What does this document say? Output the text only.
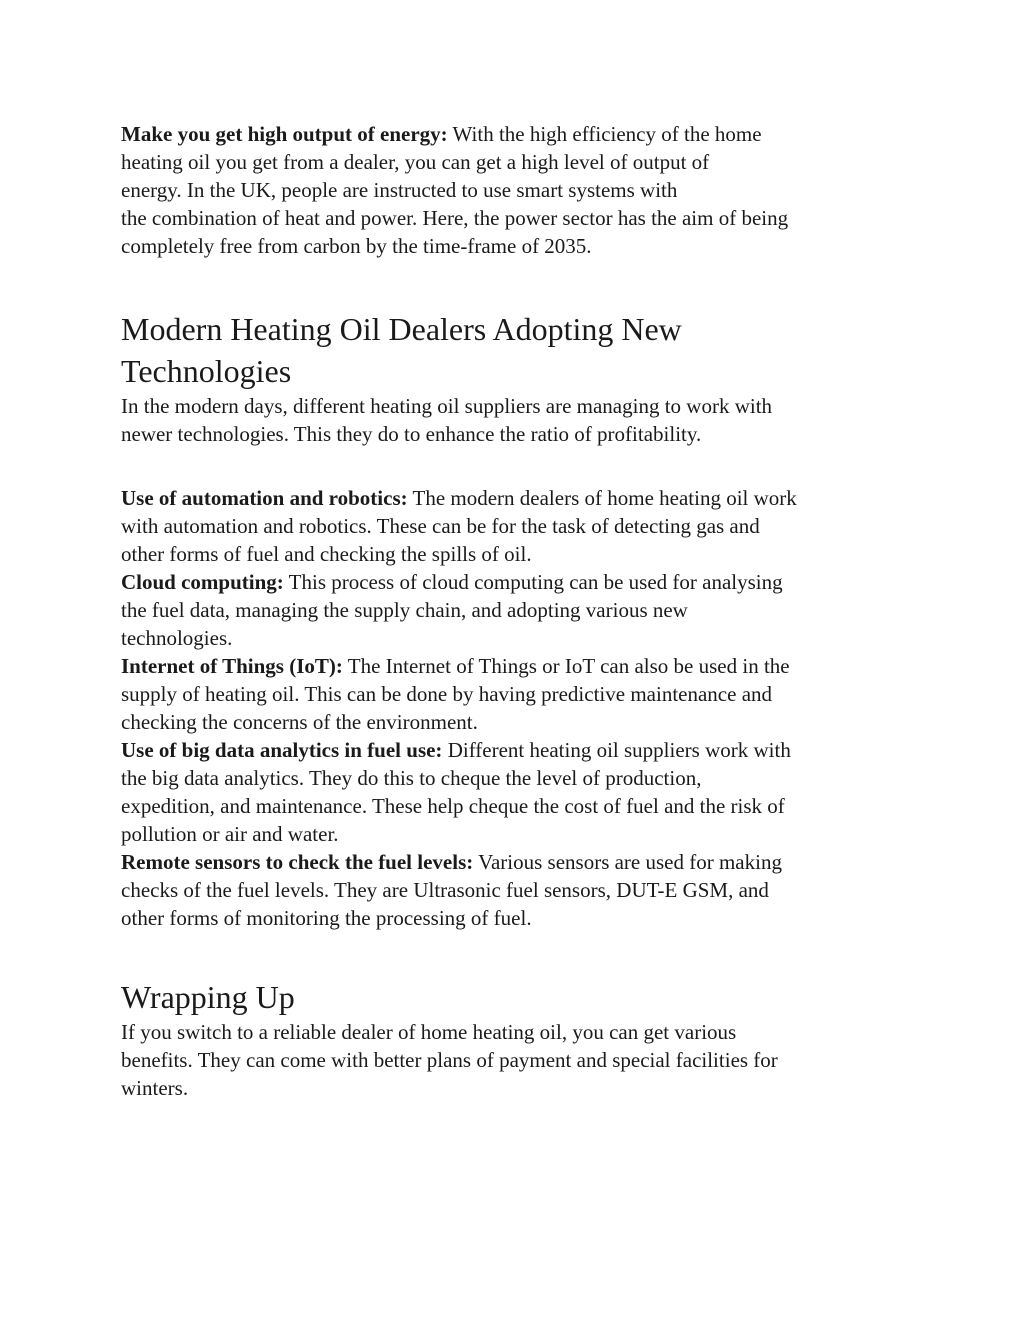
Make you get high output of energy: With the high efficiency of the home
heating oil you get from a dealer, you can get a high level of output of
energy. In the UK, people are instructed to use smart systems with
the combination of heat and power. Here, the power sector has the aim of being
completely free from carbon by the time-frame of 2035.

Modern Heating Oil Dealers Adopting New
Technologies

In the modern days, different heating oil suppliers are managing to work with
newer technologies. This they do to enhance the ratio of profitability.

Use of automation and robotics: The modern dealers of home heating oil work
with automation and robotics. These can be for the task of detecting gas and
other forms of fuel and checking the spills of oil.

Cloud computing: This process of cloud computing can be used for analysing
the fuel data, managing the supply chain, and adopting various new
technologies.

Internet of Things (IoT): The Internet of Things or IoT can also be used in the
supply of heating oil. This can be done by having predictive maintenance and
checking the concerns of the environment.

Use of big data analytics in fuel use: Different heating oil suppliers work with
the big data analytics. They do this to cheque the level of production,
expedition, and maintenance. These help cheque the cost of fuel and the risk of
pollution or air and water.

Remote sensors to check the fuel levels: Various sensors are used for making
checks of the fuel levels. They are Ultrasonic fuel sensors, DUT-E GSM, and
other forms of monitoring the processing of fuel.

Wrapping Up

If you switch to a reliable dealer of home heating oil, you can get various
benefits. They can come with better plans of payment and special facilities for
winters.
